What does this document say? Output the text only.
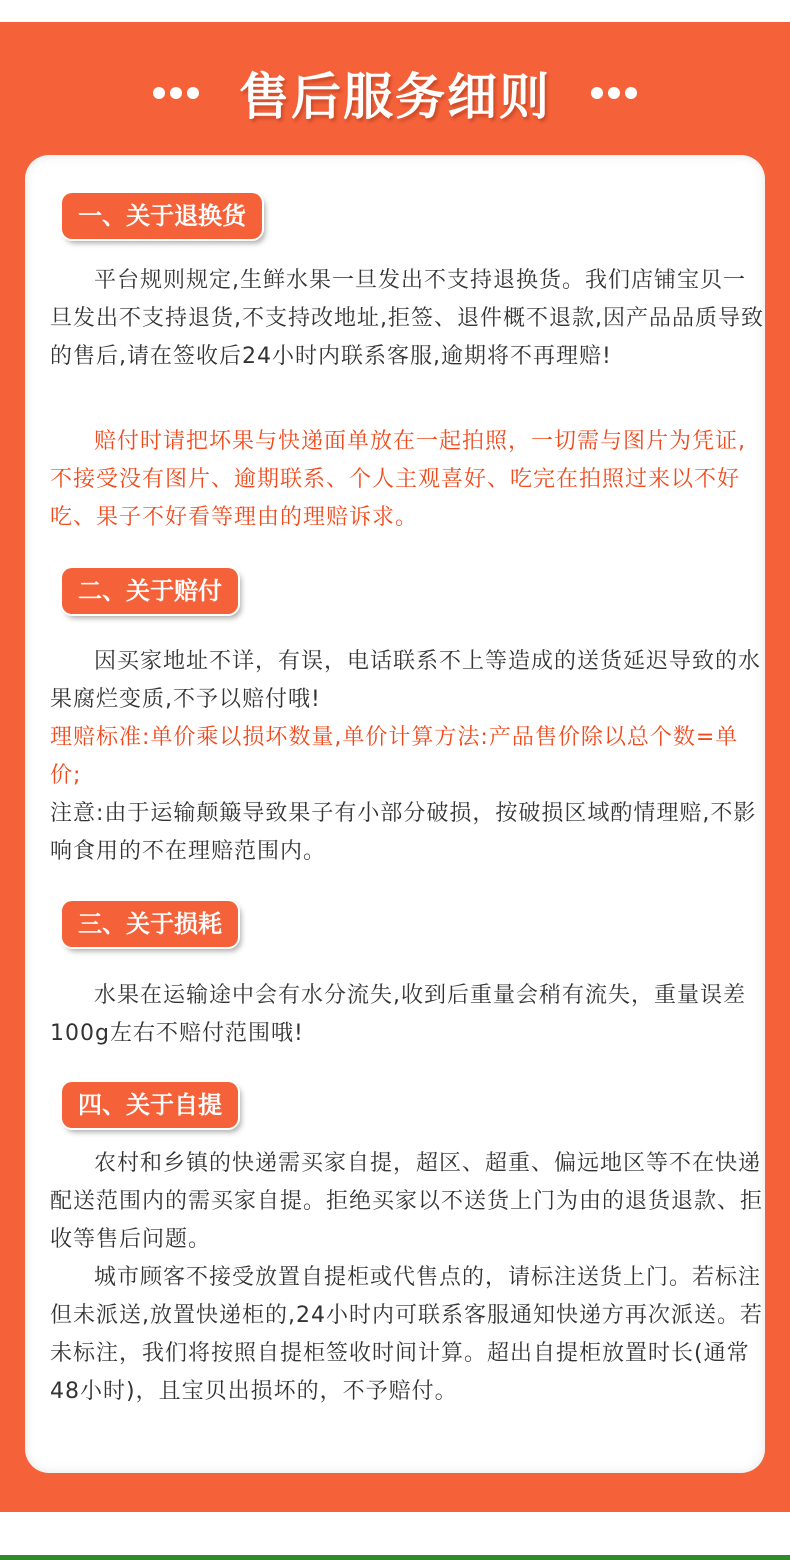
售后服务细则
一、关于退换货

平台规则规定,生鲜水果一旦发出不支持退换货。我们店铺宝贝一旦发出不支持退货,不支持改地址,拒签、退件概不退款,因产品品质导致的售后,请在签收后24小时内联系客服,逾期将不再理赔!

赔付时请把坏果与快递面单放在一起拍照，一切需与图片为凭证,不接受没有图片、逾期联系、个人主观喜好、吃完在拍照过来以不好吃、果子不好看等理由的理赔诉求。

二、关于赔付

因买家地址不详，有误，电话联系不上等造成的送货延迟导致的水果腐烂变质,不予以赔付哦!

理赔标准:单价乘以损坏数量,单价计算方法:产品售价除以总个数=单价;

注意:由于运输颠簸导致果子有小部分破损，按破损区域酌情理赔,不影响食用的不在理赔范围内。

三、关于损耗

水果在运输途中会有水分流失,收到后重量会稍有流失，重量误差100g左右不赔付范围哦!

四、关于自提

农村和乡镇的快递需买家自提，超区、超重、偏远地区等不在快递配送范围内的需买家自提。拒绝买家以不送货上门为由的退货退款、拒收等售后问题。

城市顾客不接受放置自提柜或代售点的，请标注送货上门。若标注但未派送,放置快递柜的,24小时内可联系客服通知快递方再次派送。若未标注，我们将按照自提柜签收时间计算。超出自提柜放置时长(通常48小时)，且宝贝出损坏的，不予赔付。
